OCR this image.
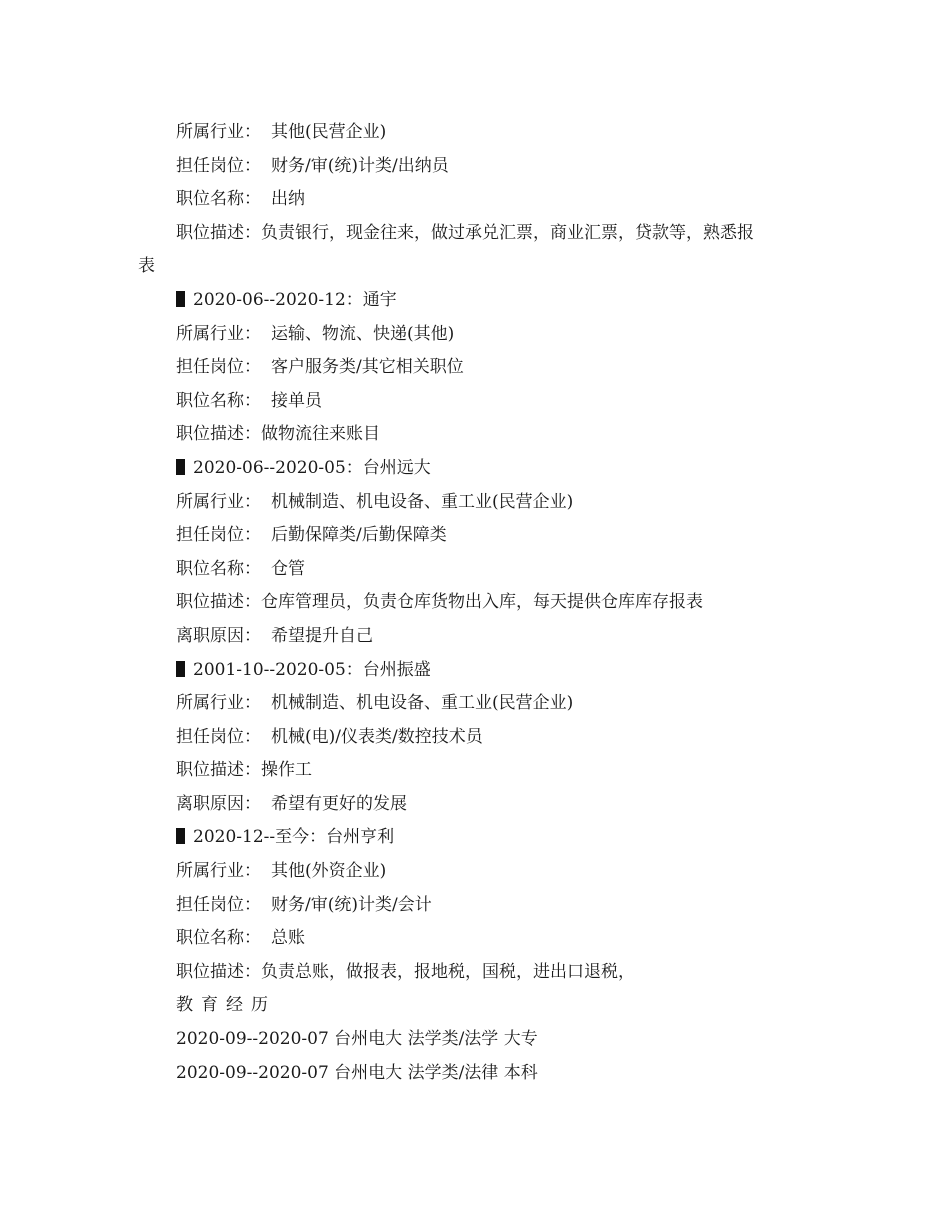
所属行业： 其他(民营企业)
担任岗位： 财务/审(统)计类/出纳员
职位名称： 出纳
职位描述：负责银行，现金往来，做过承兑汇票，商业汇票，贷款等，熟悉报
表
2020-06--2020-12：通宇
所属行业： 运输、物流、快递(其他)
担任岗位： 客户服务类/其它相关职位
职位名称： 接单员
职位描述：做物流往来账目
2020-06--2020-05：台州远大
所属行业： 机械制造、机电设备、重工业(民营企业)
担任岗位： 后勤保障类/后勤保障类
职位名称： 仓管
职位描述：仓库管理员，负责仓库货物出入库，每天提供仓库库存报表
离职原因： 希望提升自己
2001-10--2020-05：台州振盛
所属行业： 机械制造、机电设备、重工业(民营企业)
担任岗位： 机械(电)/仪表类/数控技术员
职位描述：操作工
离职原因： 希望有更好的发展
2020-12--至今：台州亨利
所属行业： 其他(外资企业)
担任岗位： 财务/审(统)计类/会计
职位名称： 总账
职位描述：负责总账，做报表，报地税，国税，进出口退税，
教 育 经 历
2020-09--2020-07 台州电大 法学类/法学 大专
2020-09--2020-07 台州电大 法学类/法律 本科
